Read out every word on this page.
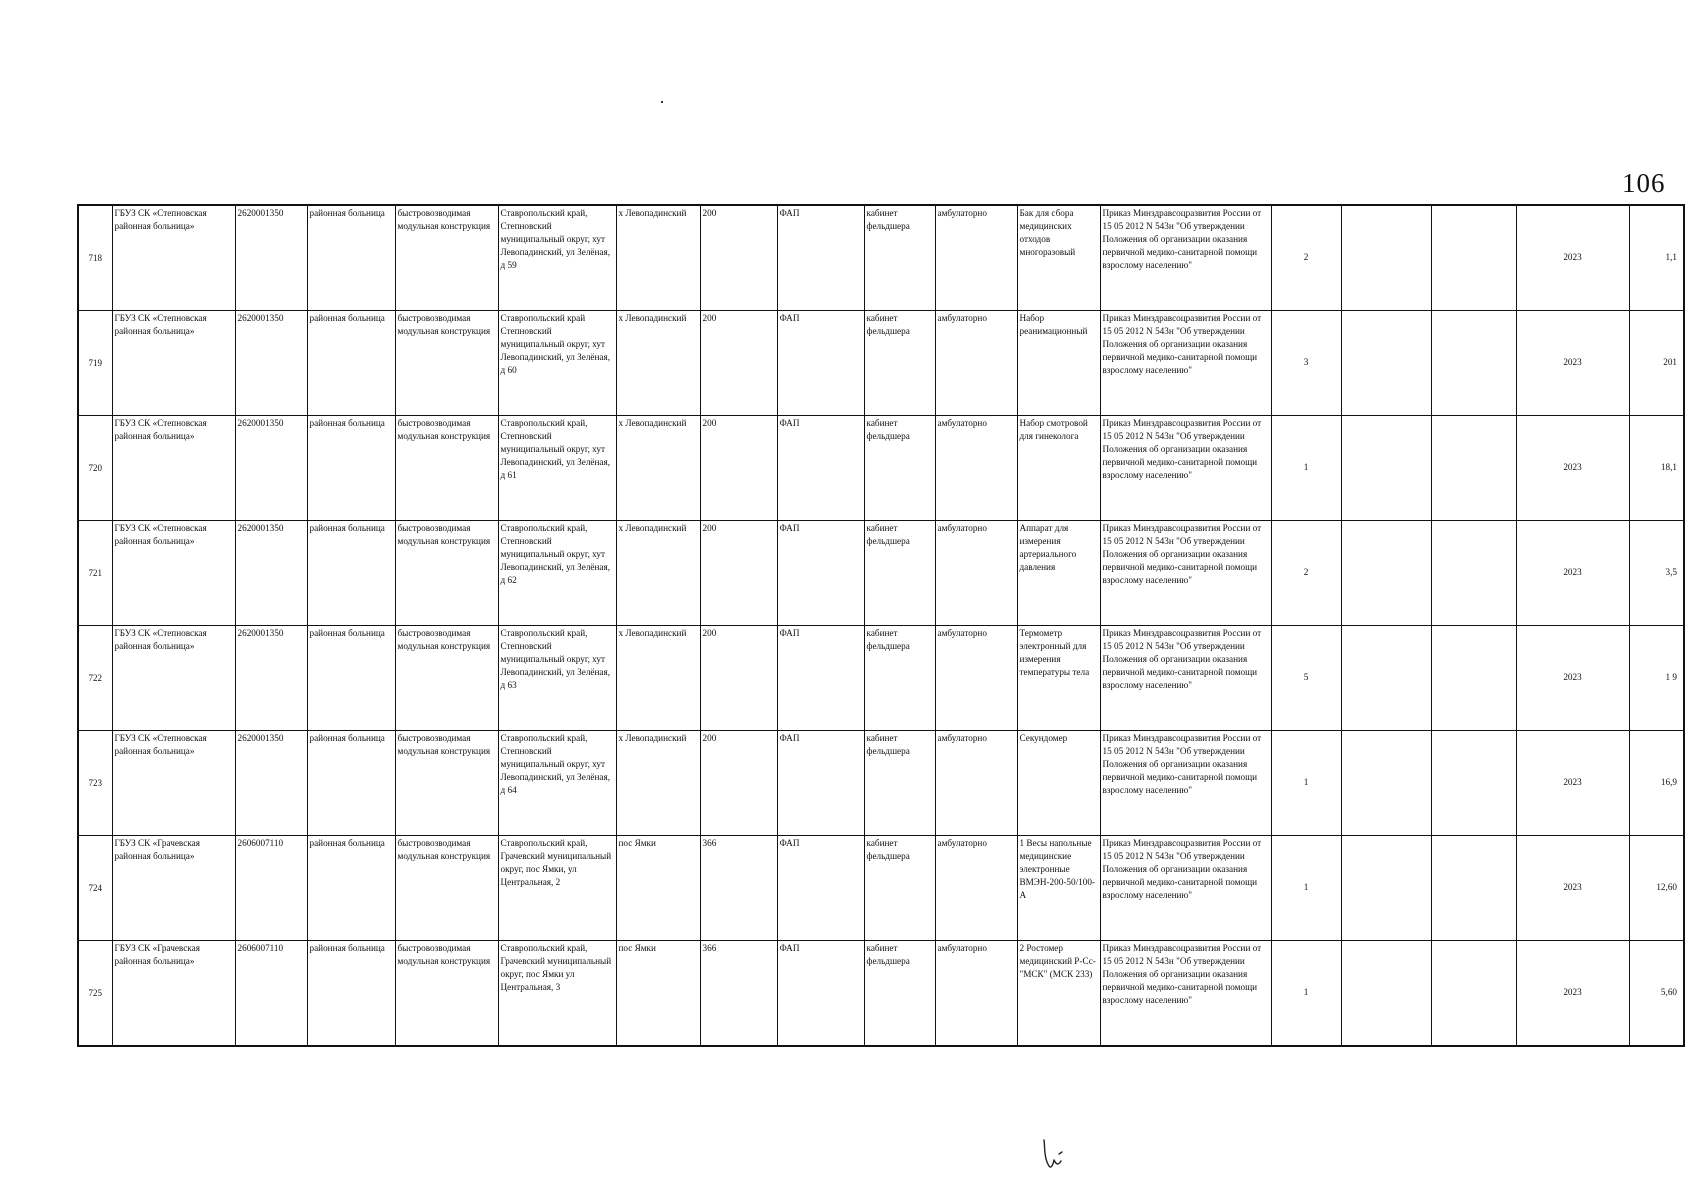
106
718	ГБУЗ СК «Степновская районная больница»	2620001350	районная больница	быстровозводимая модульная конструкция	Ставропольский край, Степновский муниципальный округ, хут Левопадинский, ул Зелёная, д 59	х Левопадинский	200	ФАП	кабинет фельдшера	амбулаторно	Бак для сбора медицинских отходов многоразовый	Приказ Минздравсоцразвития России от 15 05 2012 N 543н "Об утверждении Положения об организации оказания первичной медико-санитарной помощи взрослому населению"	2			2023	1,1
719	ГБУЗ СК «Степновская районная больница»	2620001350	районная больница	быстровозводимая модульная конструкция	Ставропольский край Степновский муниципальный округ, хут Левопадинский, ул Зелёная, д 60	х Левопадинский	200	ФАП	кабинет фельдшера	амбулаторно	Набор реанимационный	Приказ Минздравсоцразвития России от 15 05 2012 N 543н "Об утверждении Положения об организации оказания первичной медико-санитарной помощи взрослому населению"	3			2023	201
720	ГБУЗ СК «Степновская районная больница»	2620001350	районная больница	быстровозводимая модульная конструкция	Ставропольский край, Степновский муниципальный округ, хут Левопадинский, ул Зелёная, д 61	х Левопадинский	200	ФАП	кабинет фельдшера	амбулаторно	Набор смотровой для гинеколога	Приказ Минздравсоцразвития России от 15 05 2012 N 543н "Об утверждении Положения об организации оказания первичной медико-санитарной помощи взрослому населению"	1			2023	18,1
721	ГБУЗ СК «Степновская районная больница»	2620001350	районная больница	быстровозводимая модульная конструкция	Ставропольский край, Степновский муниципальный округ, хут Левопадинский, ул Зелёная, д 62	х Левопадинский	200	ФАП	кабинет фельдшера	амбулаторно	Аппарат для измерения артериального давления	Приказ Минздравсоцразвития России от 15 05 2012 N 543н "Об утверждении Положения об организации оказания первичной медико-санитарной помощи взрослому населению"	2			2023	3,5
722	ГБУЗ СК «Степновская районная больница»	2620001350	районная больница	быстровозводимая модульная конструкция	Ставропольский край, Степновский муниципальный округ, хут Левопадинский, ул Зелёная, д 63	х Левопадинский	200	ФАП	кабинет фельдшера	амбулаторно	Термометр электронный для измерения температуры тела	Приказ Минздравсоцразвития России от 15 05 2012 N 543н "Об утверждении Положения об организации оказания первичной медико-санитарной помощи взрослому населению"	5			2023	1 9
723	ГБУЗ СК «Степновская районная больница»	2620001350	районная больница	быстровозводимая модульная конструкция	Ставропольский край, Степновский муниципальный округ, хут Левопадинский, ул Зелёная, д 64	х Левопадинский	200	ФАП	кабинет фельдшера	амбулаторно	Секундомер	Приказ Минздравсоцразвития России от 15 05 2012 N 543н "Об утверждении Положения об организации оказания первичной медико-санитарной помощи взрослому населению"	1			2023	16,9
724	ГБУЗ СК «Грачевская районная больница»	2606007110	районная больница	быстровозводимая модульная конструкция	Ставропольский край, Грачевский муниципальный округ, пос Ямки, ул Центральная, 2	пос Ямки	366	ФАП	кабинет фельдшера	амбулаторно	1 Весы напольные медицинские электронные ВМЭН-200-50/100-А	Приказ Минздравсоцразвития России от 15 05 2012 N 543н "Об утверждении Положения об организации оказания первичной медико-санитарной помощи взрослому населению"	1			2023	12,60
725	ГБУЗ СК «Грачевская районная больница»	2606007110	районная больница	быстровозводимая модульная конструкция	Ставропольский край, Грачевский муниципальный округ, пос Ямки ул Центральная, 3	пос Ямки	366	ФАП	кабинет фельдшера	амбулаторно	2 Ростомер медицинский Р-Сс-"МСК" (МСК 233)	Приказ Минздравсоцразвития России от 15 05 2012 N 543н "Об утверждении Положения об организации оказания первичной медико-санитарной помощи взрослому населению"	1			2023	5,60
